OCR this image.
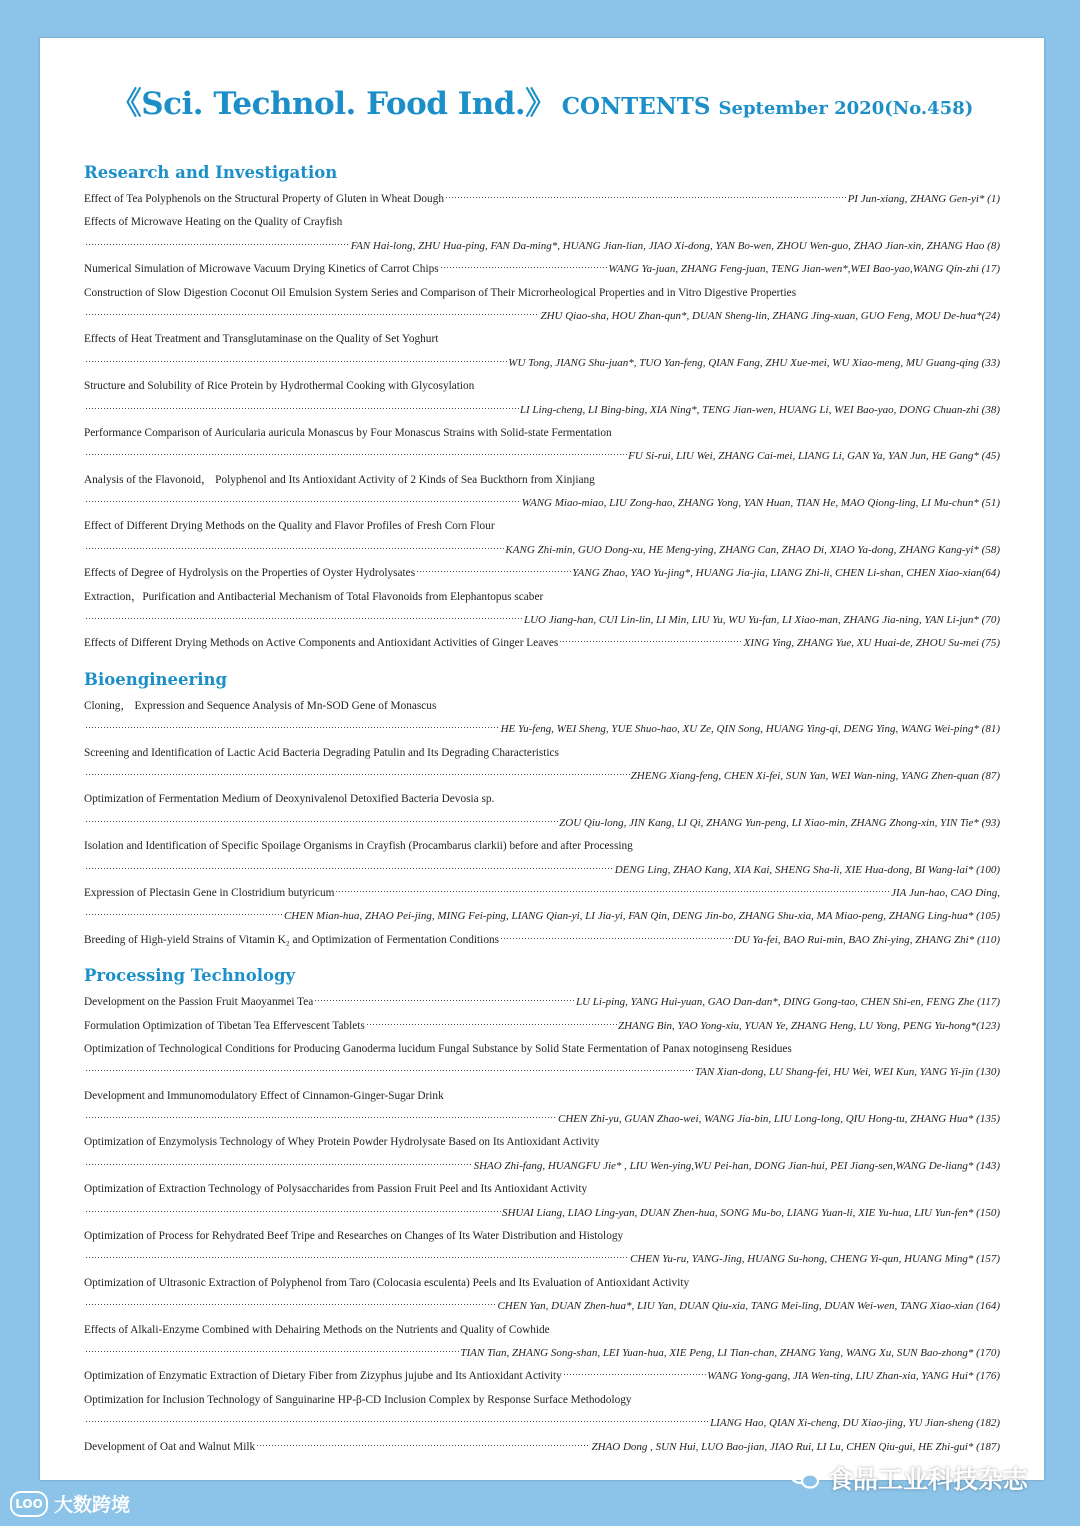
《Sci. Technol. Food Ind.》 CONTENTS September 2020(No.458)
Research and Investigation
Effect of Tea Polyphenols on the Structural Property of Gluten in Wheat Dough	PI Jun-xiang, ZHANG Gen-yi* (1)
Effects of Microwave Heating on the Quality of Crayfish
FAN Hai-long, ZHU Hua-ping, FAN Da-ming*, HUANG Jian-lian, JIAO Xi-dong, YAN Bo-wen, ZHOU Wen-guo, ZHAO Jian-xin, ZHANG Hao (8)
Numerical Simulation of Microwave Vacuum Drying Kinetics of Carrot Chips	WANG Ya-juan, ZHANG Feng-juan, TENG Jian-wen*,WEI Bao-yao,WANG Qin-zhi (17)
Construction of Slow Digestion Coconut Oil Emulsion System Series and Comparison of Their Microrheological Properties and in Vitro Digestive Properties
ZHU Qiao-sha, HOU Zhan-qun*, DUAN Sheng-lin, ZHANG Jing-xuan, GUO Feng, MOU De-hua*(24)
Effects of Heat Treatment and Transglutaminase on the Quality of Set Yoghurt
WU Tong, JIANG Shu-juan*, TUO Yan-feng, QIAN Fang, ZHU Xue-mei, WU Xiao-meng, MU Guang-qing (33)
Structure and Solubility of Rice Protein by Hydrothermal Cooking with Glycosylation
LI Ling-cheng, LI Bing-bing, XIA Ning*, TENG Jian-wen, HUANG Li, WEI Bao-yao, DONG Chuan-zhi (38)
Performance Comparison of Auricularia auricula Monascus by Four Monascus Strains with Solid-state Fermentation
FU Si-rui, LIU Wei, ZHANG Cai-mei, LIANG Li, GAN Ya, YAN Jun, HE Gang* (45)
Analysis of the Flavonoid， Polyphenol and Its Antioxidant Activity of 2 Kinds of Sea Buckthorn from Xinjiang
WANG Miao-miao, LIU Zong-hao, ZHANG Yong, YAN Huan, TIAN He, MAO Qiong-ling, LI Mu-chun* (51)
Effect of Different Drying Methods on the Quality and Flavor Profiles of Fresh Corn Flour
KANG Zhi-min, GUO Dong-xu, HE Meng-ying, ZHANG Can, ZHAO Di, XIAO Ya-dong, ZHANG Kang-yi* (58)
Effects of Degree of Hydrolysis on the Properties of Oyster Hydrolysates	YANG Zhao, YAO Yu-jing*, HUANG Jia-jia, LIANG Zhi-li, CHEN Li-shan, CHEN Xiao-xian(64)
Extraction，Purification and Antibacterial Mechanism of Total Flavonoids from Elephantopus scaber
LUO Jiang-han, CUI Lin-lin, LI Min, LIU Yu, WU Yu-fan, LI Xiao-man, ZHANG Jia-ning, YAN Li-jun* (70)
Effects of Different Drying Methods on Active Components and Antioxidant Activities of Ginger Leaves	XING Ying, ZHANG Yue, XU Huai-de, ZHOU Su-mei (75)
Bioengineering
Cloning， Expression and Sequence Analysis of Mn-SOD Gene of Monascus
HE Yu-feng, WEI Sheng, YUE Shuo-hao, XU Ze, QIN Song, HUANG Ying-qi, DENG Ying, WANG Wei-ping* (81)
Screening and Identification of Lactic Acid Bacteria Degrading Patulin and Its Degrading Characteristics
ZHENG Xiang-feng, CHEN Xi-fei, SUN Yan, WEI Wan-ning, YANG Zhen-quan (87)
Optimization of Fermentation Medium of Deoxynivalenol Detoxified Bacteria Devosia sp.
ZOU Qiu-long, JIN Kang, LI Qi, ZHANG Yun-peng, LI Xiao-min, ZHANG Zhong-xin, YIN Tie* (93)
Isolation and Identification of Specific Spoilage Organisms in Crayfish (Procambarus clarkii) before and after Processing
DENG Ling, ZHAO Kang, XIA Kai, SHENG Sha-li, XIE Hua-dong, BI Wang-lai* (100)
Expression of Plectasin Gene in Clostridium butyricum	JIA Jun-hao, CAO Ding,
CHEN Mian-hua, ZHAO Pei-jing, MING Fei-ping, LIANG Qian-yi, LI Jia-yi, FAN Qin, DENG Jin-bo, ZHANG Shu-xia, MA Miao-peng, ZHANG Ling-hua* (105)
Breeding of High-yield Strains of Vitamin K₂ and Optimization of Fermentation Conditions	DU Ya-fei, BAO Rui-min, BAO Zhi-ying, ZHANG Zhi* (110)
Processing Technology
Development on the Passion Fruit Maoyanmei Tea	LU Li-ping, YANG Hui-yuan, GAO Dan-dan*, DING Gong-tao, CHEN Shi-en, FENG Zhe (117)
Formulation Optimization of Tibetan Tea Effervescent Tablets	ZHANG Bin, YAO Yong-xiu, YUAN Ye, ZHANG Heng, LU Yong, PENG Yu-hong*(123)
Optimization of Technological Conditions for Producing Ganoderma lucidum Fungal Substance by Solid State Fermentation of Panax notoginseng Residues
TAN Xian-dong, LU Shang-fei, HU Wei, WEI Kun, YANG Yi-jin (130)
Development and Immunomodulatory Effect of Cinnamon-Ginger-Sugar Drink
CHEN Zhi-yu, GUAN Zhao-wei, WANG Jia-bin, LIU Long-long, QIU Hong-tu, ZHANG Hua* (135)
Optimization of Enzymolysis Technology of Whey Protein Powder Hydrolysate Based on Its Antioxidant Activity
SHAO Zhi-fang, HUANGFU Jie* , LIU Wen-ying,WU Pei-han, DONG Jian-hui, PEI Jiang-sen,WANG De-liang* (143)
Optimization of Extraction Technology of Polysaccharides from Passion Fruit Peel and Its Antioxidant Activity
SHUAI Liang, LIAO Ling-yan, DUAN Zhen-hua, SONG Mu-bo, LIANG Yuan-li, XIE Yu-hua, LIU Yun-fen* (150)
Optimization of Process for Rehydrated Beef Tripe and Researches on Changes of Its Water Distribution and Histology
CHEN Yu-ru, YANG-Jing, HUANG Su-hong, CHENG Yi-qun, HUANG Ming* (157)
Optimization of Ultrasonic Extraction of Polyphenol from Taro (Colocasia esculenta) Peels and Its Evaluation of Antioxidant Activity
CHEN Yan, DUAN Zhen-hua*, LIU Yan, DUAN Qiu-xia, TANG Mei-ling, DUAN Wei-wen, TANG Xiao-xian (164)
Effects of Alkali-Enzyme Combined with Dehairing Methods on the Nutrients and Quality of Cowhide
TIAN Tian, ZHANG Song-shan, LEI Yuan-hua, XIE Peng, LI Tian-chan, ZHANG Yang, WANG Xu, SUN Bao-zhong* (170)
Optimization of Enzymatic Extraction of Dietary Fiber from Zizyphus jujube and Its Antioxidant Activity	WANG Yong-gang, JIA Wen-ting, LIU Zhan-xia, YANG Hui* (176)
Optimization for Inclusion Technology of Sanguinarine HP-β-CD Inclusion Complex by Response Surface Methodology
LIANG Hao, QIAN Xi-cheng, DU Xiao-jing, YU Jian-sheng (182)
Development of Oat and Walnut Milk	ZHAO Dong , SUN Hui, LUO Bao-jian, JIAO Rui, LI Lu, CHEN Qiu-gui, HE Zhi-gui* (187)
LOO 大数跨境
食品工业科技杂志
